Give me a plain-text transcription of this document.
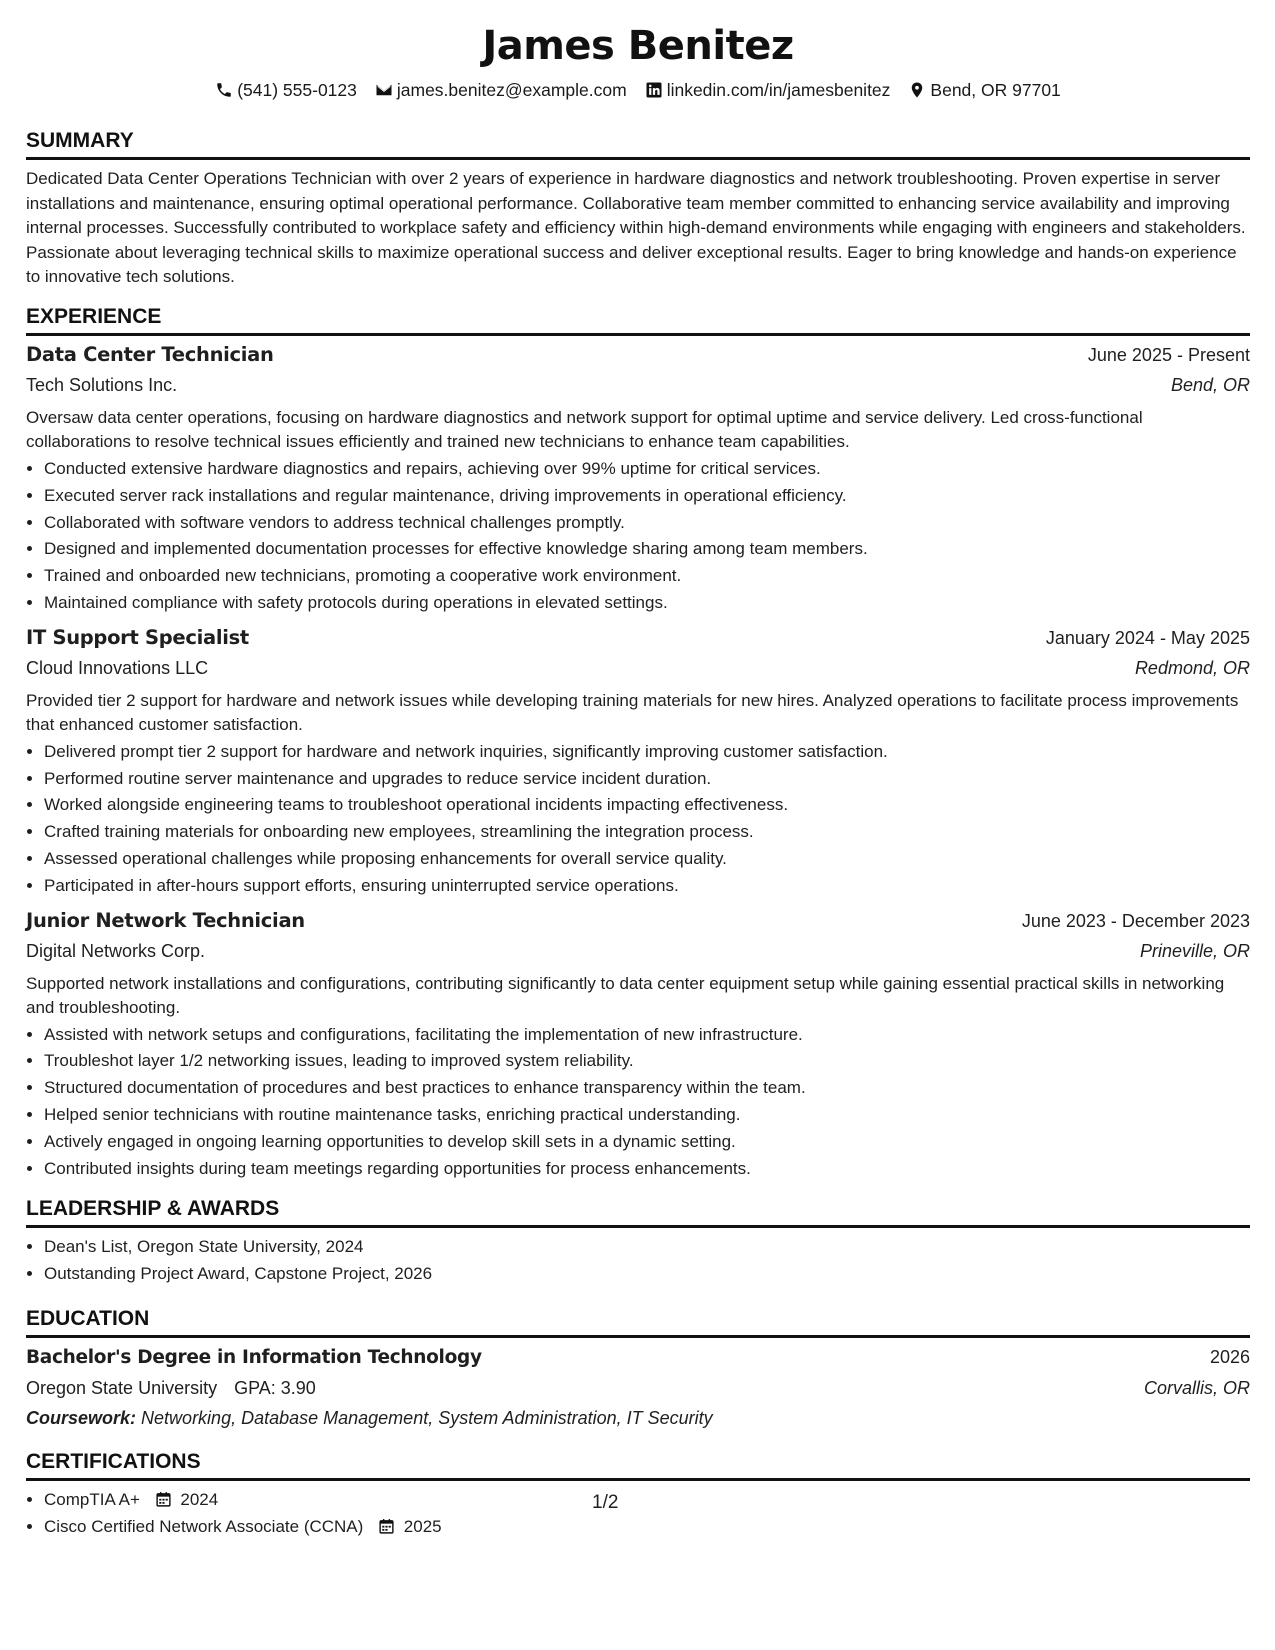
James Benitez
(541) 555-0123 james.benitez@example.com linkedin.com/in/jamesbenitez Bend, OR 97701
SUMMARY
Dedicated Data Center Operations Technician with over 2 years of experience in hardware diagnostics and network troubleshooting. Proven expertise in server installations and maintenance, ensuring optimal operational performance. Collaborative team member committed to enhancing service availability and improving internal processes. Successfully contributed to workplace safety and efficiency within high-demand environments while engaging with engineers and stakeholders. Passionate about leveraging technical skills to maximize operational success and deliver exceptional results. Eager to bring knowledge and hands-on experience to innovative tech solutions.
EXPERIENCE
Data Center Technician	June 2025 - Present
Tech Solutions Inc.	Bend, OR
Oversaw data center operations, focusing on hardware diagnostics and network support for optimal uptime and service delivery. Led cross-functional collaborations to resolve technical issues efficiently and trained new technicians to enhance team capabilities.
• Conducted extensive hardware diagnostics and repairs, achieving over 99% uptime for critical services.
• Executed server rack installations and regular maintenance, driving improvements in operational efficiency.
• Collaborated with software vendors to address technical challenges promptly.
• Designed and implemented documentation processes for effective knowledge sharing among team members.
• Trained and onboarded new technicians, promoting a cooperative work environment.
• Maintained compliance with safety protocols during operations in elevated settings.
IT Support Specialist	January 2024 - May 2025
Cloud Innovations LLC	Redmond, OR
Provided tier 2 support for hardware and network issues while developing training materials for new hires. Analyzed operations to facilitate process improvements that enhanced customer satisfaction.
• Delivered prompt tier 2 support for hardware and network inquiries, significantly improving customer satisfaction.
• Performed routine server maintenance and upgrades to reduce service incident duration.
• Worked alongside engineering teams to troubleshoot operational incidents impacting effectiveness.
• Crafted training materials for onboarding new employees, streamlining the integration process.
• Assessed operational challenges while proposing enhancements for overall service quality.
• Participated in after-hours support efforts, ensuring uninterrupted service operations.
Junior Network Technician	June 2023 - December 2023
Digital Networks Corp.	Prineville, OR
Supported network installations and configurations, contributing significantly to data center equipment setup while gaining essential practical skills in networking and troubleshooting.
• Assisted with network setups and configurations, facilitating the implementation of new infrastructure.
• Troubleshot layer 1/2 networking issues, leading to improved system reliability.
• Structured documentation of procedures and best practices to enhance transparency within the team.
• Helped senior technicians with routine maintenance tasks, enriching practical understanding.
• Actively engaged in ongoing learning opportunities to develop skill sets in a dynamic setting.
• Contributed insights during team meetings regarding opportunities for process enhancements.
LEADERSHIP & AWARDS
• Dean's List, Oregon State University, 2024
• Outstanding Project Award, Capstone Project, 2026
EDUCATION
Bachelor's Degree in Information Technology	2026
Oregon State University GPA: 3.90	Corvallis, OR
Coursework: Networking, Database Management, System Administration, IT Security
CERTIFICATIONS
• CompTIA A+ 2024
• Cisco Certified Network Associate (CCNA) 2025
1/2
